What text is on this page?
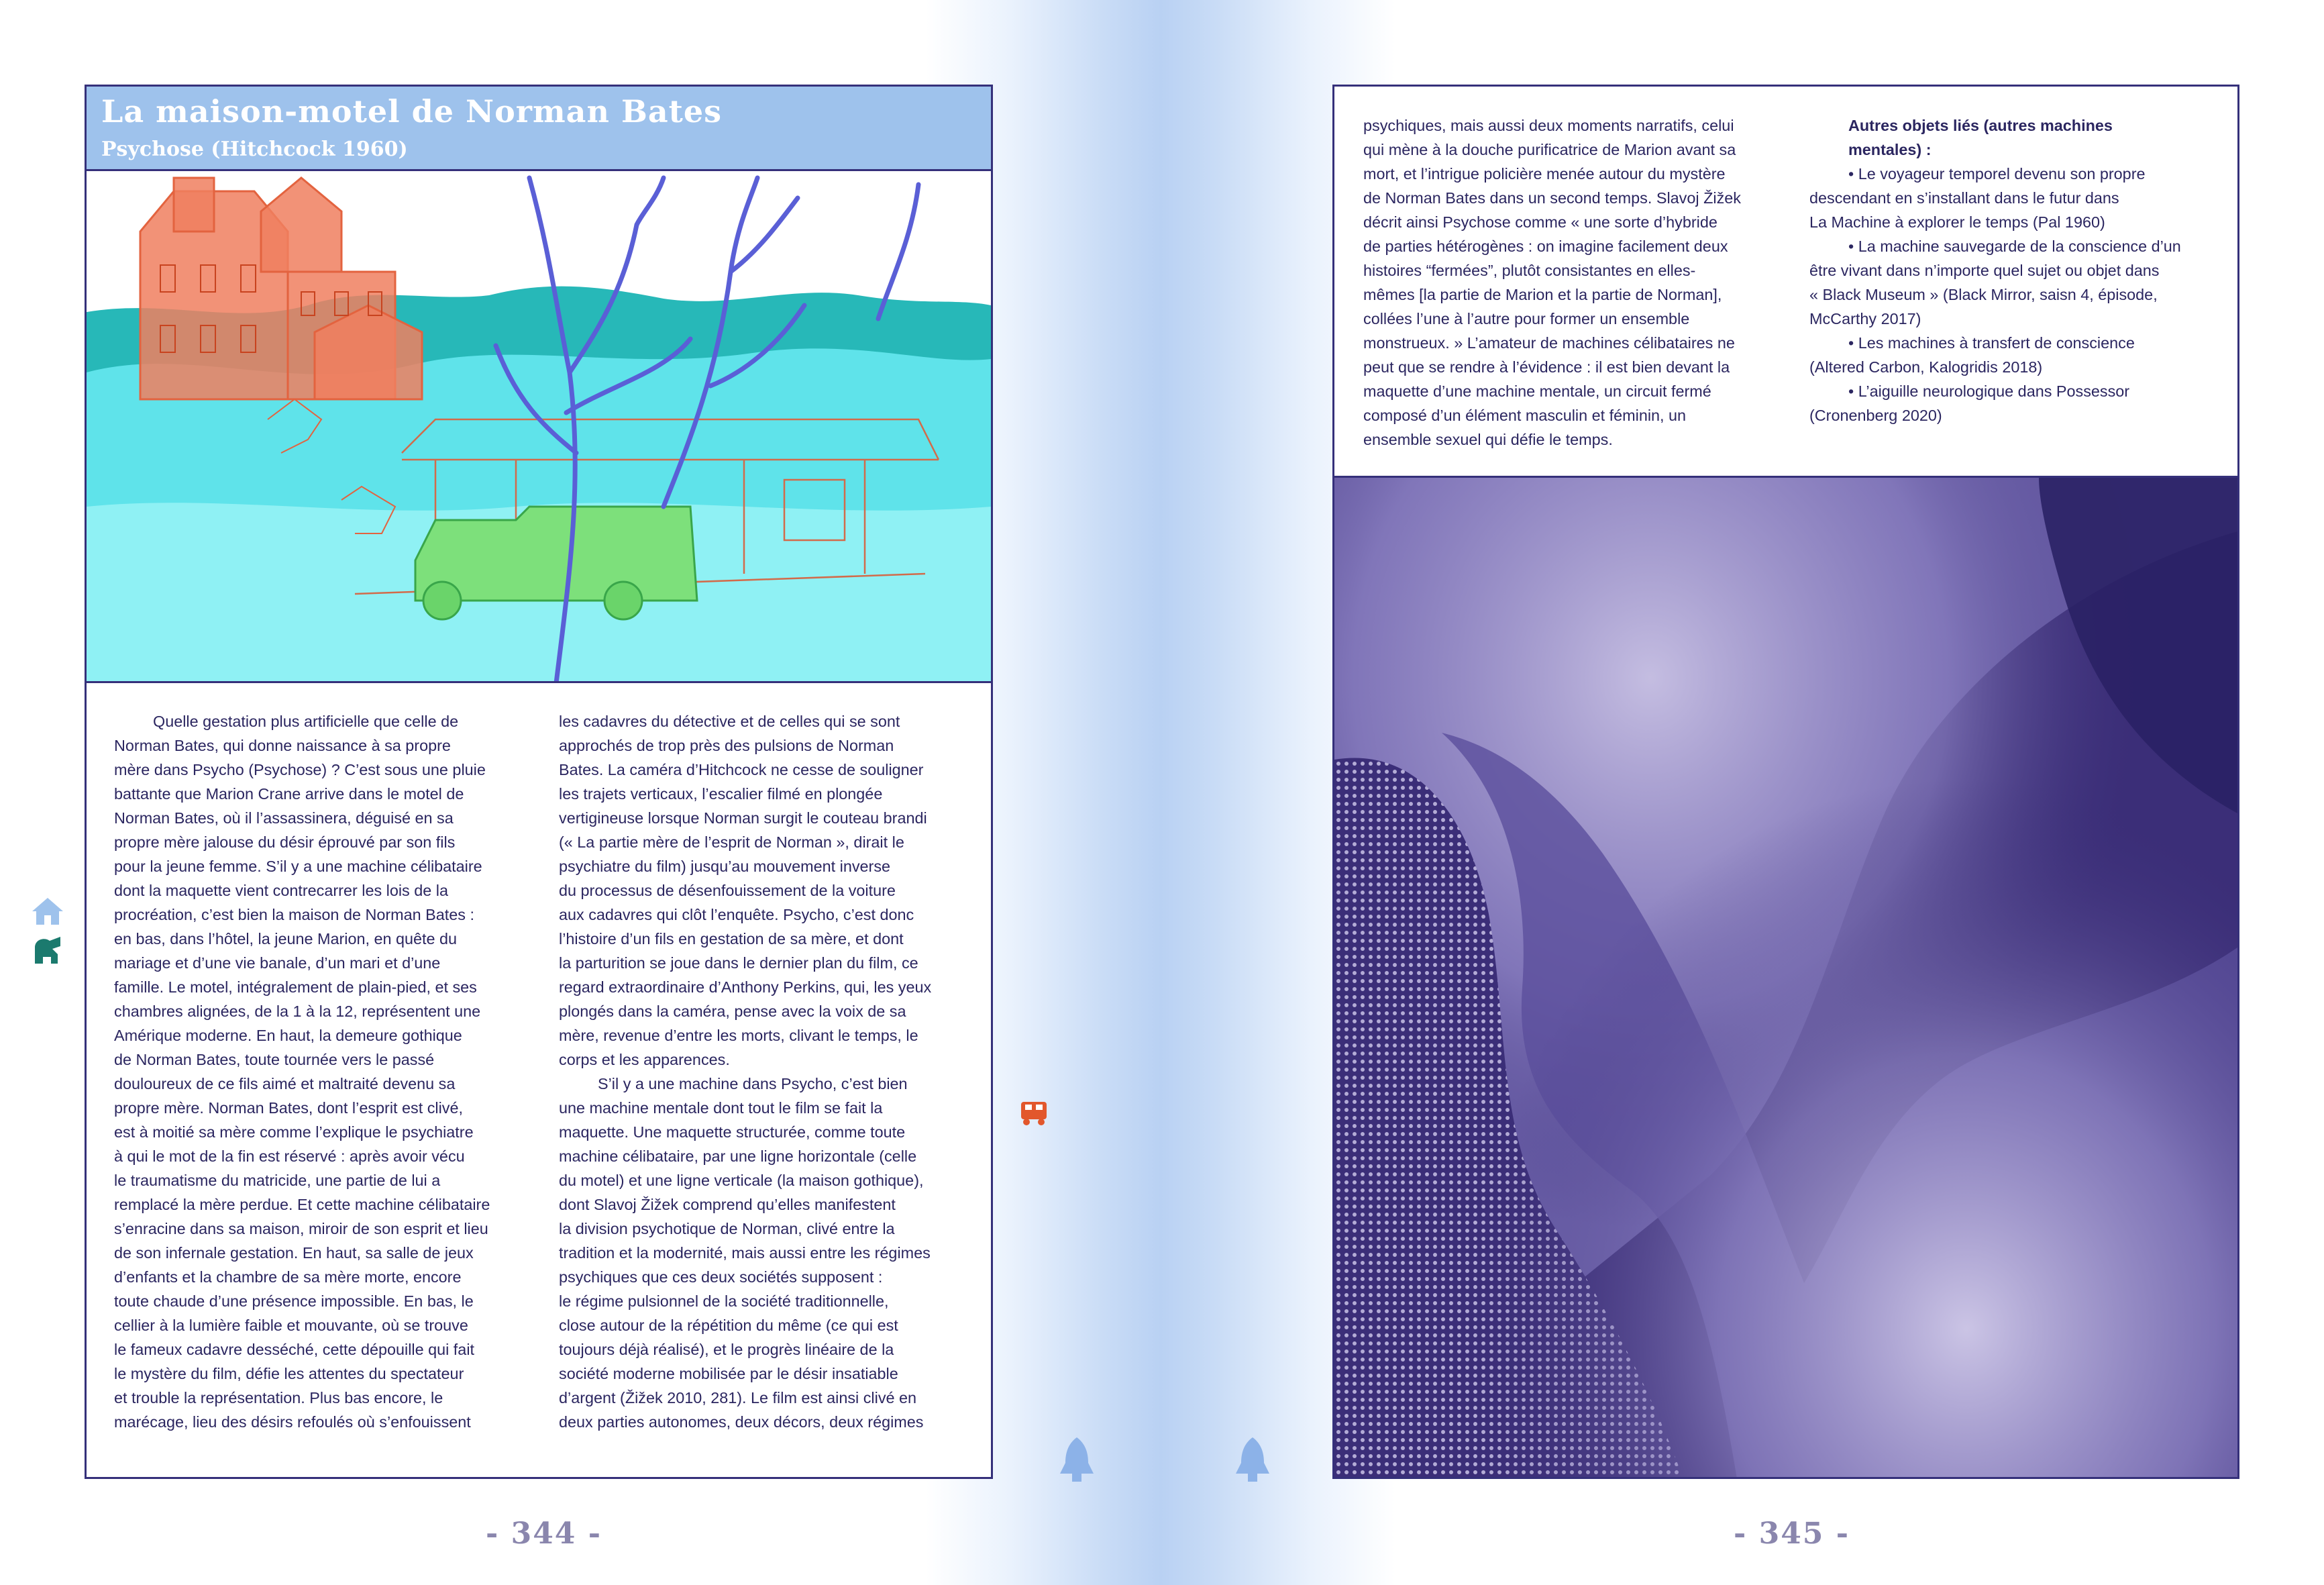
La maison-motel de Norman Bates
Psychose (Hitchcock 1960)
Quelle gestation plus artificielle que celle de
Norman Bates, qui donne naissance à sa propre
mère dans Psycho (Psychose) ? C’est sous une pluie
battante que Marion Crane arrive dans le motel de
Norman Bates, où il l’assassinera, déguisé en sa
propre mère jalouse du désir éprouvé par son fils
pour la jeune femme. S’il y a une machine célibataire
dont la maquette vient contrecarrer les lois de la
procréation, c’est bien la maison de Norman Bates :
en bas, dans l’hôtel, la jeune Marion, en quête du
mariage et d’une vie banale, d’un mari et d’une
famille. Le motel, intégralement de plain-pied, et ses
chambres alignées, de la 1 à la 12, représentent une
Amérique moderne. En haut, la demeure gothique
de Norman Bates, toute tournée vers le passé
douloureux de ce fils aimé et maltraité devenu sa
propre mère. Norman Bates, dont l’esprit est clivé,
est à moitié sa mère comme l’explique le psychiatre
à qui le mot de la fin est réservé : après avoir vécu
le traumatisme du matricide, une partie de lui a
remplacé la mère perdue. Et cette machine célibataire
s’enracine dans sa maison, miroir de son esprit et lieu
de son infernale gestation. En haut, sa salle de jeux
d’enfants et la chambre de sa mère morte, encore
toute chaude d’une présence impossible. En bas, le
cellier à la lumière faible et mouvante, où se trouve
le fameux cadavre desséché, cette dépouille qui fait
le mystère du film, défie les attentes du spectateur
et trouble la représentation. Plus bas encore, le
marécage, lieu des désirs refoulés où s’enfouissent
les cadavres du détective et de celles qui se sont
approchés de trop près des pulsions de Norman
Bates. La caméra d’Hitchcock ne cesse de souligner
les trajets verticaux, l’escalier filmé en plongée
vertigineuse lorsque Norman surgit le couteau brandi
(« La partie mère de l’esprit de Norman », dirait le
psychiatre du film) jusqu’au mouvement inverse
du processus de désenfouissement de la voiture
aux cadavres qui clôt l’enquête. Psycho, c’est donc
l’histoire d’un fils en gestation de sa mère, et dont
la parturition se joue dans le dernier plan du film, ce
regard extraordinaire d’Anthony Perkins, qui, les yeux
plongés dans la caméra, pense avec la voix de sa
mère, revenue d’entre les morts, clivant le temps, le
corps et les apparences.
S’il y a une machine dans Psycho, c’est bien
une machine mentale dont tout le film se fait la
maquette. Une maquette structurée, comme toute
machine célibataire, par une ligne horizontale (celle
du motel) et une ligne verticale (la maison gothique),
dont Slavoj Žižek comprend qu’elles manifestent
la division psychotique de Norman, clivé entre la
tradition et la modernité, mais aussi entre les régimes
psychiques que ces deux sociétés supposent :
le régime pulsionnel de la société traditionnelle,
close autour de la répétition du même (ce qui est
toujours déjà réalisé), et le progrès linéaire de la
société moderne mobilisée par le désir insatiable
d’argent (Žižek 2010, 281). Le film est ainsi clivé en
deux parties autonomes, deux décors, deux régimes
- 344 -
psychiques, mais aussi deux moments narratifs, celui
qui mène à la douche purificatrice de Marion avant sa
mort, et l’intrigue policière menée autour du mystère
de Norman Bates dans un second temps. Slavoj Žižek
décrit ainsi Psychose comme « une sorte d’hybride
de parties hétérogènes : on imagine facilement deux
histoires “fermées”, plutôt consistantes en elles-
mêmes [la partie de Marion et la partie de Norman],
collées l’une à l’autre pour former un ensemble
monstrueux. » L’amateur de machines célibataires ne
peut que se rendre à l’évidence : il est bien devant la
maquette d’une machine mentale, un circuit fermé
composé d’un élément masculin et féminin, un
ensemble sexuel qui défie le temps.
Autres objets liés (autres machines
mentales) :
• Le voyageur temporel devenu son propre
descendant en s’installant dans le futur dans
La Machine à explorer le temps (Pal 1960)
• La machine sauvegarde de la conscience d’un
être vivant dans n’importe quel sujet ou objet dans
« Black Museum » (Black Mirror, saisn 4, épisode,
McCarthy 2017)
• Les machines à transfert de conscience
(Altered Carbon, Kalogridis 2018)
• L’aiguille neurologique dans Possessor
(Cronenberg 2020)
- 345 -
